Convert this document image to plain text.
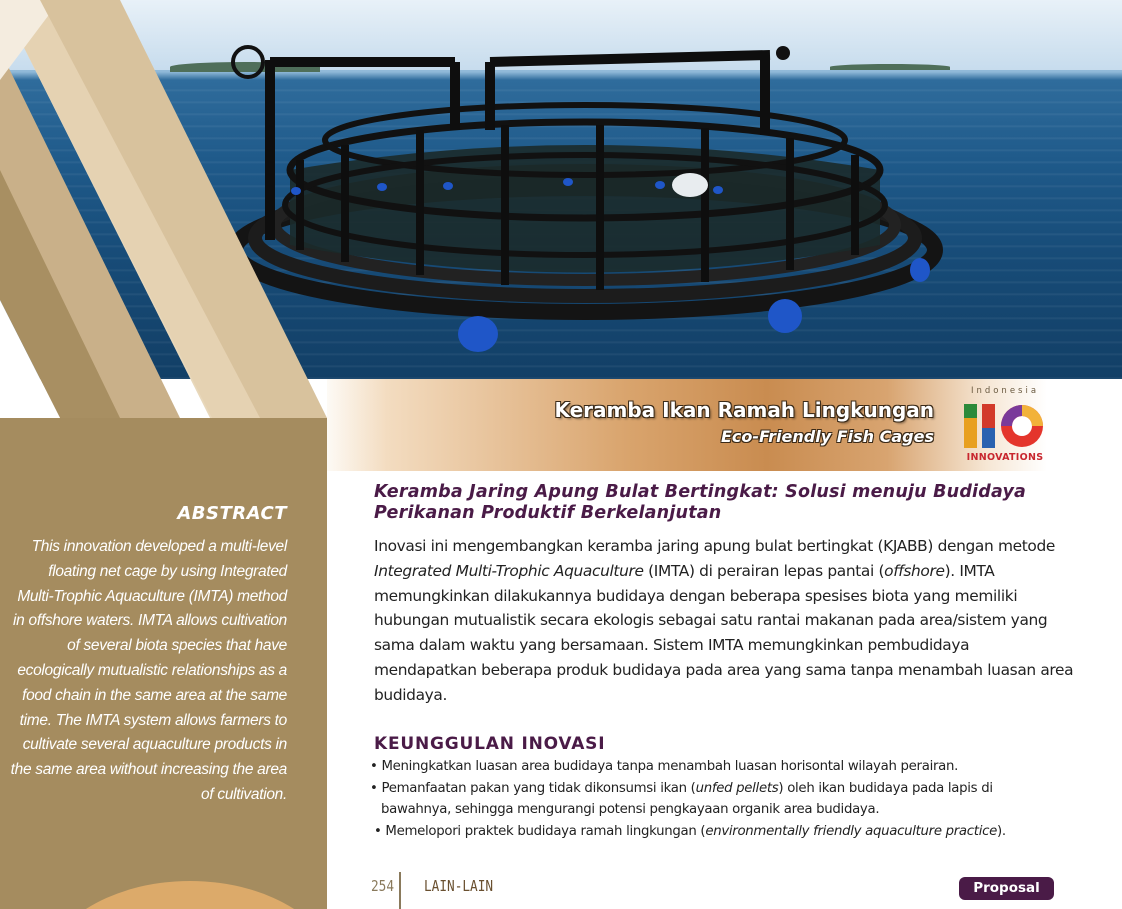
ABSTRACT
This innovation developed a multi-level floating net cage by using Integrated Multi-Trophic Aquaculture (IMTA) method in offshore waters. IMTA allows cultivation of several biota species that have ecologically mutualistic relationships as a food chain in the same area at the same time. The IMTA system allows farmers to cultivate several aquaculture products in the same area without increasing the area of cultivation.
Keramba Ikan Ramah Lingkungan
Eco-Friendly Fish Cages
Indonesia
INNOVATIONS
Keramba Jaring Apung Bulat Bertingkat: Solusi menuju Budidaya Perikanan Produktif Berkelanjutan
Inovasi ini mengembangkan keramba jaring apung bulat bertingkat (KJABB) dengan metode Integrated Multi-Trophic Aquaculture (IMTA) di perairan lepas pantai (offshore). IMTA memungkinkan dilakukannya budidaya dengan beberapa spesises biota yang memiliki hubungan mutualistik secara ekologis sebagai satu rantai makanan pada area/sistem yang sama dalam waktu yang bersamaan. Sistem IMTA memungkinkan pembudidaya mendapatkan beberapa produk budidaya pada area yang sama tanpa menambah luasan area budidaya.
KEUNGGULAN INOVASI
• Meningkatkan luasan area budidaya tanpa menambah luasan horisontal wilayah perairan.
• Pemanfaatan pakan yang tidak dikonsumsi ikan (unfed pellets) oleh ikan budidaya pada lapis di
bawahnya, sehingga mengurangi potensi pengkayaan organik area budidaya.
• Memelopori praktek budidaya ramah lingkungan (environmentally friendly aquaculture practice).
254 LAIN-LAIN	Proposal
